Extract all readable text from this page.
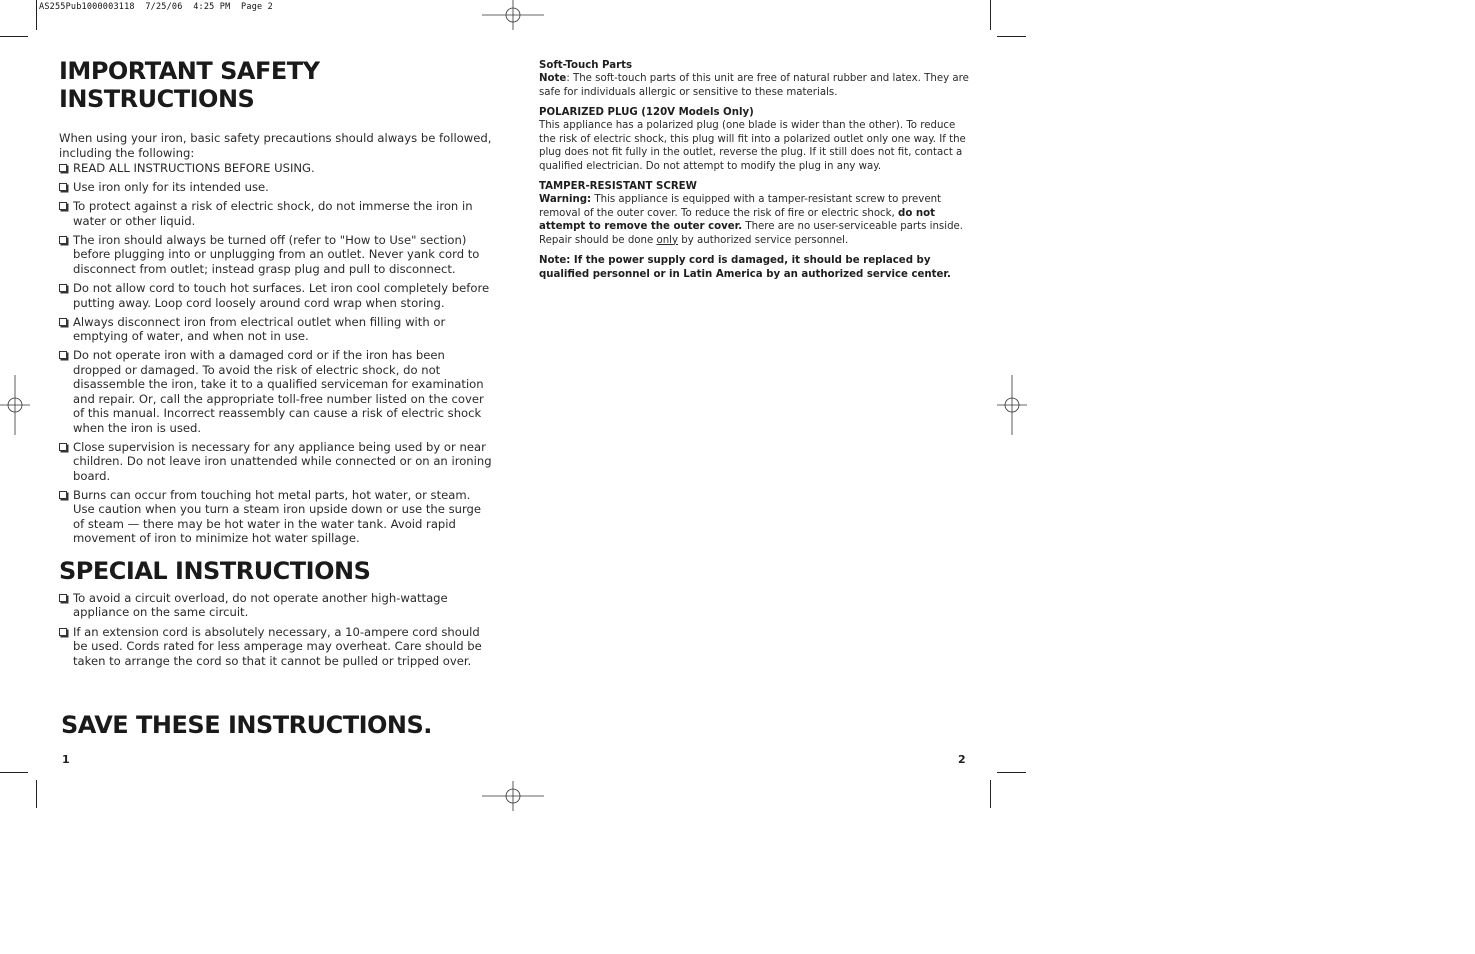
AS255Pub1000003118  7/25/06  4:25 PM  Page 2
IMPORTANT SAFETY
INSTRUCTIONS

When using your iron, basic safety precautions should always be followed, including the following:

READ ALL INSTRUCTIONS BEFORE USING.
Use iron only for its intended use.
To protect against a risk of electric shock, do not immerse the iron in water or other liquid.
The iron should always be turned off (refer to "How to Use" section) before plugging into or unplugging from an outlet. Never yank cord to disconnect from outlet; instead grasp plug and pull to disconnect.
Do not allow cord to touch hot surfaces. Let iron cool completely before putting away. Loop cord loosely around cord wrap when storing.
Always disconnect iron from electrical outlet when filling with or emptying of water, and when not in use.
Do not operate iron with a damaged cord or if the iron has been dropped or damaged. To avoid the risk of electric shock, do not disassemble the iron, take it to a qualified serviceman for examination and repair. Or, call the appropriate toll-free number listed on the cover of this manual. Incorrect reassembly can cause a risk of electric shock when the iron is used.
Close supervision is necessary for any appliance being used by or near children. Do not leave iron unattended while connected or on an ironing board.
Burns can occur from touching hot metal parts, hot water, or steam. Use caution when you turn a steam iron upside down or use the surge of steam — there may be hot water in the water tank. Avoid rapid movement of iron to minimize hot water spillage.
SPECIAL INSTRUCTIONS
To avoid a circuit overload, do not operate another high-wattage appliance on the same circuit.
If an extension cord is absolutely necessary, a 10-ampere cord should be used. Cords rated for less amperage may overheat. Care should be taken to arrange the cord so that it cannot be pulled or tripped over.
SAVE THESE INSTRUCTIONS.
1

Soft-Touch Parts

Note: The soft-touch parts of this unit are free of natural rubber and latex. They are safe for individuals allergic or sensitive to these materials.

POLARIZED PLUG (120V Models Only)

This appliance has a polarized plug (one blade is wider than the other). To reduce the risk of electric shock, this plug will fit into a polarized outlet only one way. If the plug does not fit fully in the outlet, reverse the plug. If it still does not fit, contact a qualified electrician. Do not attempt to modify the plug in any way.

TAMPER-RESISTANT SCREW

Warning: This appliance is equipped with a tamper-resistant screw to prevent removal of the outer cover. To reduce the risk of fire or electric shock, do not attempt to remove the outer cover. There are no user-serviceable parts inside. Repair should be done only by authorized service personnel.

Note: If the power supply cord is damaged, it should be replaced by qualified personnel or in Latin America by an authorized service center.

2
